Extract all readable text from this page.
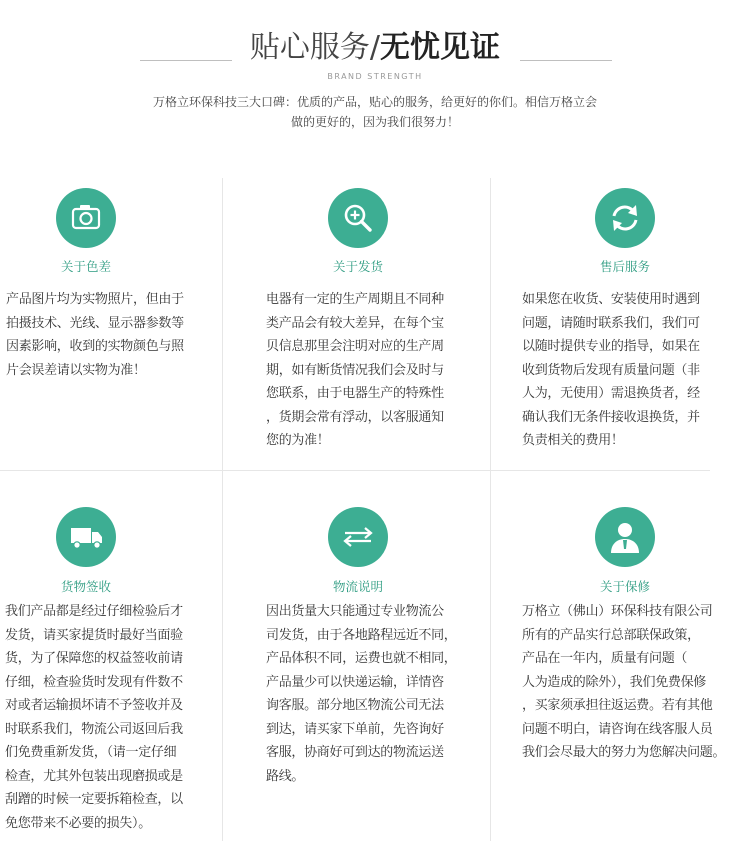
贴心服务/无忧见证
BRAND STRENGTH
万格立环保科技三大口碑：优质的产品，贴心的服务，给更好的你们。相信万格立会做的更好的，因为我们很努力！
关于色差
产品图片均为实物照片，但由于
拍摄技术、光线、显示器参数等
因素影响，收到的实物颜色与照
片会误差请以实物为准！
关于发货
电器有一定的生产周期且不同种
类产品会有较大差异，在每个宝
贝信息那里会注明对应的生产周
期，如有断货情况我们会及时与
您联系，由于电器生产的特殊性
，货期会常有浮动，以客服通知
您的为准！
售后服务
如果您在收货、安装使用时遇到
问题，请随时联系我们，我们可
以随时提供专业的指导，如果在
收到货物后发现有质量问题（非
人为，无使用）需退换货者，经
确认我们无条件接收退换货，并
负责相关的费用！
货物签收
我们产品都是经过仔细检验后才
发货，请买家提货时最好当面验
货，为了保障您的权益签收前请
仔细，检查验货时发现有件数不
对或者运输损坏请不予签收并及
时联系我们，物流公司返回后我
们免费重新发货，（请一定仔细
检查，尤其外包装出现磨损或是
刮蹭的时候一定要拆箱检查，以
免您带来不必要的损失）。
物流说明
因出货量大只能通过专业物流公
司发货，由于各地路程远近不同，
产品体积不同，运费也就不相同，
产品量少可以快递运输，详情咨
询客服。部分地区物流公司无法
到达，请买家下单前，先咨询好
客服，协商好可到达的物流运送
路线。
关于保修
万格立（佛山）环保科技有限公司
所有的产品实行总部联保政策，
产品在一年内，质量有问题（
人为造成的除外），我们免费保修
，买家须承担往返运费。若有其他
问题不明白，请咨询在线客服人员
我们会尽最大的努力为您解决问题。
